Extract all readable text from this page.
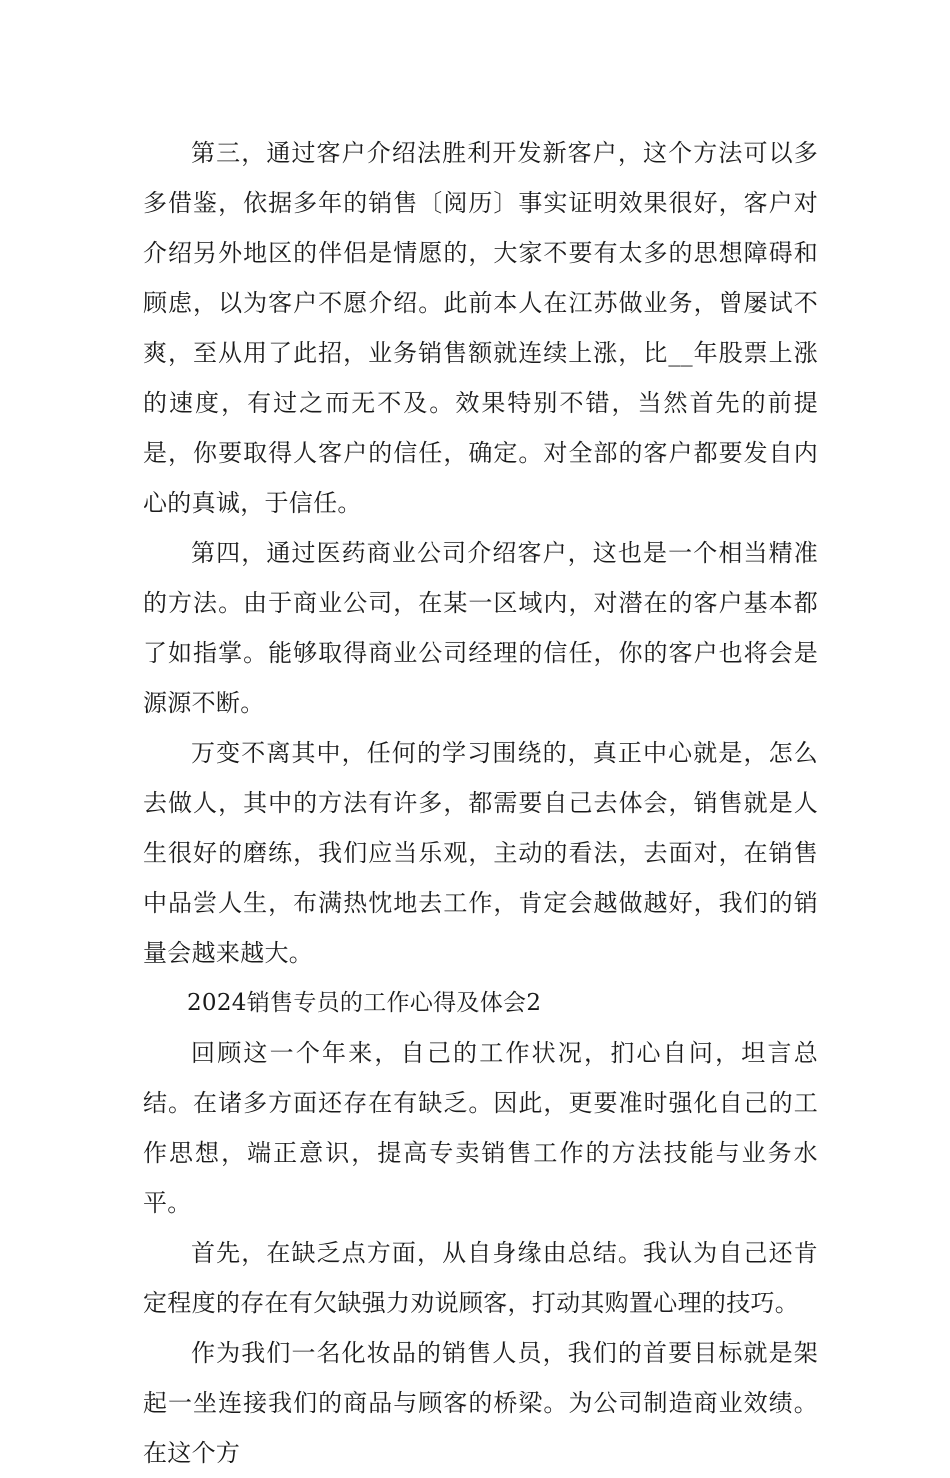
第三，通过客户介绍法胜利开发新客户，这个方法可以多多借鉴，依据多年的销售〔阅历〕事实证明效果很好，客户对介绍另外地区的伴侣是情愿的，大家不要有太多的思想障碍和顾虑，以为客户不愿介绍。此前本人在江苏做业务，曾屡试不爽，至从用了此招，业务销售额就连续上涨，比__年股票上涨的速度，有过之而无不及。效果特别不错，当然首先的前提是，你要取得人客户的信任，确定。对全部的客户都要发自内心的真诚，于信任。

第四，通过医药商业公司介绍客户，这也是一个相当精准的方法。由于商业公司，在某一区域内，对潜在的客户基本都了如指掌。能够取得商业公司经理的信任，你的客户也将会是源源不断。

万变不离其中，任何的学习围绕的，真正中心就是，怎么去做人，其中的方法有许多，都需要自己去体会，销售就是人生很好的磨练，我们应当乐观，主动的看法，去面对，在销售中品尝人生，布满热忱地去工作，肯定会越做越好，我们的销量会越来越大。

2024销售专员的工作心得及体会2

回顾这一个年来，自己的工作状况，扪心自问，坦言总结。在诸多方面还存在有缺乏。因此，更要准时强化自己的工作思想，端正意识，提高专卖销售工作的方法技能与业务水平。

首先，在缺乏点方面，从自身缘由总结。我认为自己还肯定程度的存在有欠缺强力劝说顾客，打动其购置心理的技巧。

作为我们一名化妆品的销售人员，我们的首要目标就是架起一坐连接我们的商品与顾客的桥梁。为公司制造商业效绩。在这个方
